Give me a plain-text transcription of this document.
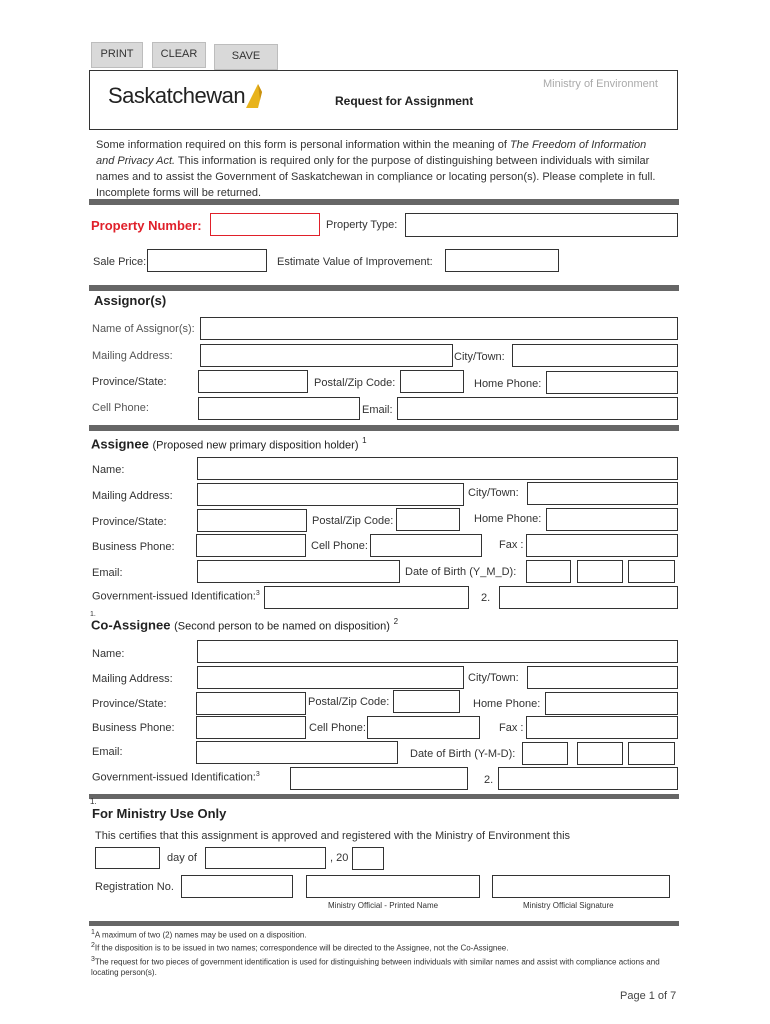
PRINT	CLEAR	SAVE
Saskatchewan	Request for Assignment
Ministry of Environment
Some information required on this form is personal information within the meaning of The Freedom of Information and Privacy Act. This information is required only for the purpose of distinguishing between individuals with similar names and to assist the Government of Saskatchewan in compliance or locating person(s). Please complete in full. Incomplete forms will be returned.
Property Number:	Property Type:
Sale Price:	Estimate Value of Improvement:
Assignor(s)
Name of Assignor(s):
Mailing Address:	City/Town:
Province/State:	Postal/Zip Code:	Home Phone:
Cell Phone:	Email:
Assignee (Proposed new primary disposition holder) $^1$
Name:
Mailing Address:	City/Town:
Province/State:	Postal/Zip Code:	Home Phone:
Business Phone:	Cell Phone:	Fax :
Email:	Date of Birth (Y_M_D):
Government-issued Identification:$^3$	2.
1.
Co-Assignee (Second person to be named on disposition) $^2$
Name:
Mailing Address:	City/Town:
Province/State:	Postal/Zip Code:	Home Phone:
Business Phone:	Cell Phone:	Fax :
Email:	Date of Birth (Y-M-D):
Government-issued Identification:$^3$	2.
1.
For Ministry Use Only
This certifies that this assignment is approved and registered with the Ministry of Environment this
day of	, 20
Registration No.
Ministry Official - Printed Name	Ministry Official Signature
$^1$A maximum of two (2) names may be used on a disposition.
$^2$If the disposition is to be issued in two names; correspondence will be directed to the Assignee, not the Co-Assignee.
$^3$The request for two pieces of government identification is used for distinguishing between individuals with similar names and assist with compliance actions and locating person(s).
Page 1 of 7
